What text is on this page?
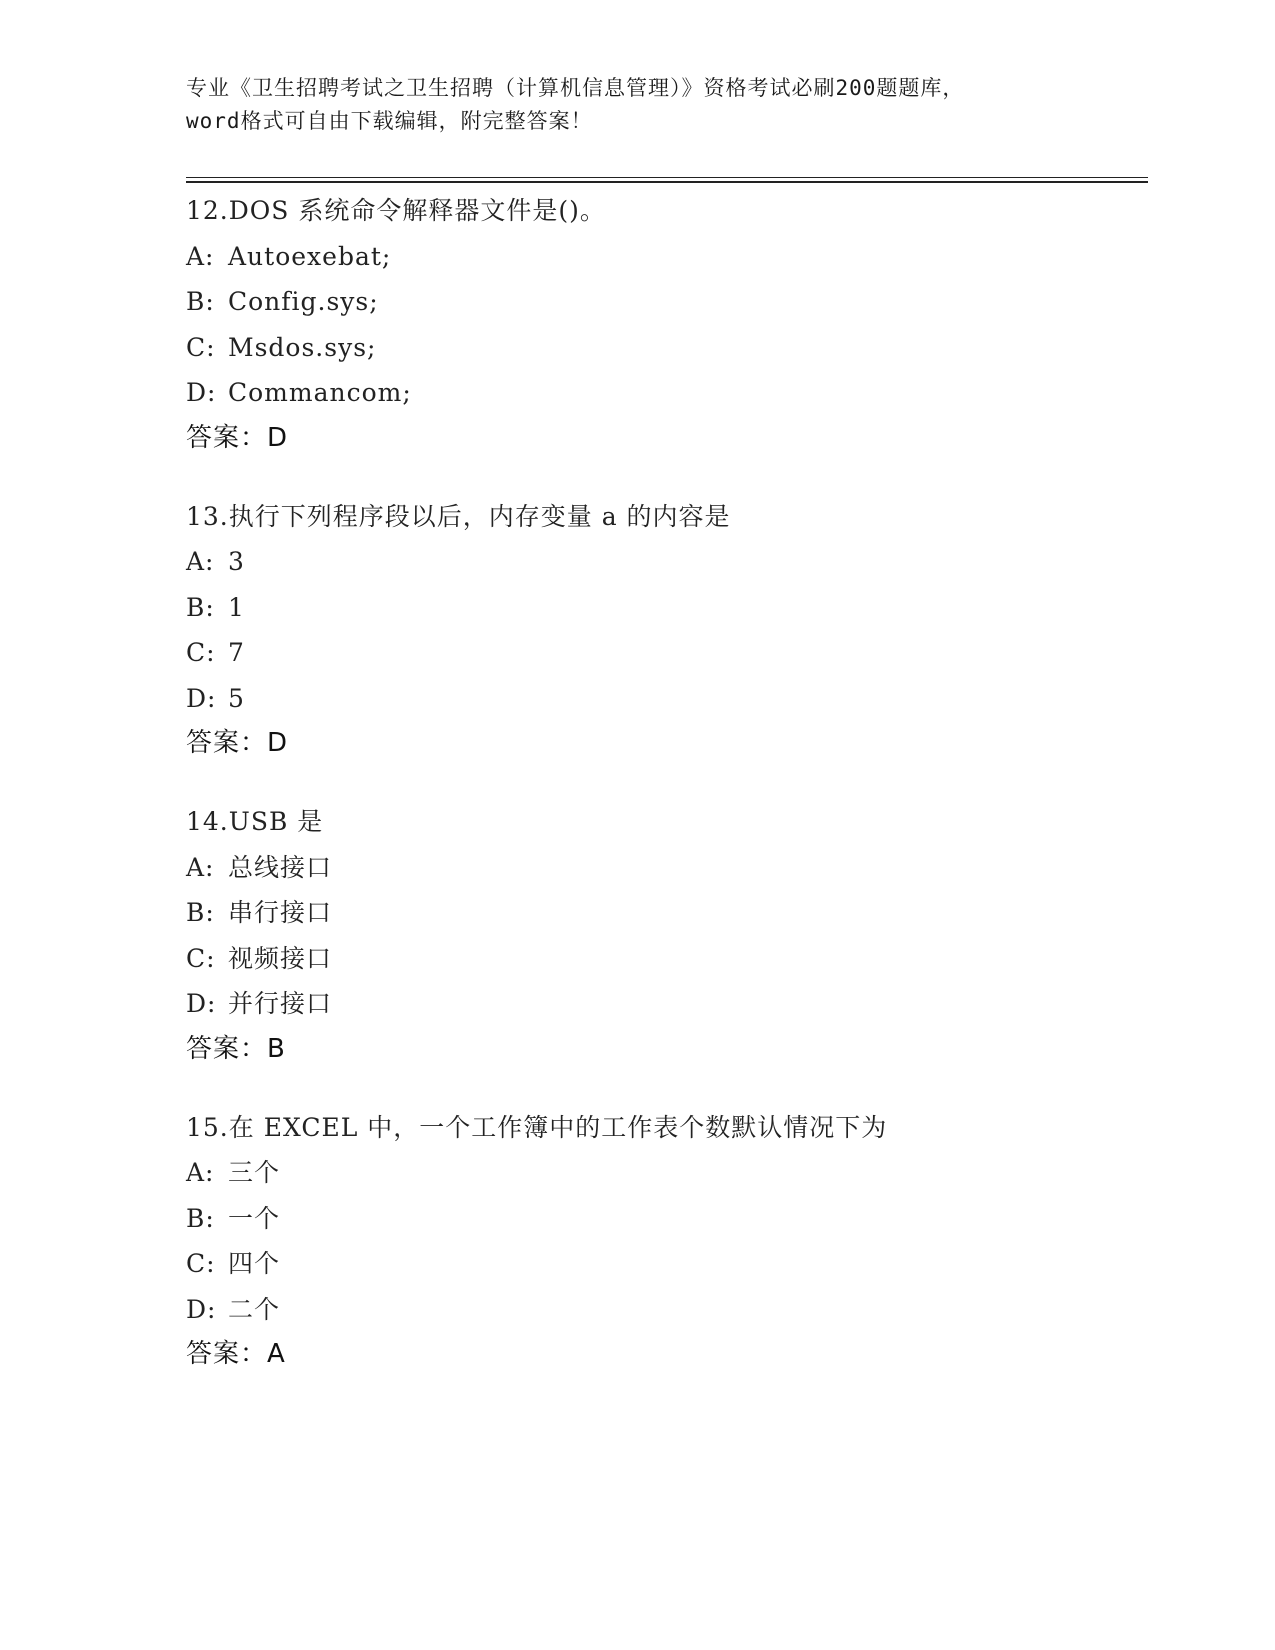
专业《卫生招聘考试之卫生招聘（计算机信息管理）》资格考试必刷200题题库，
word格式可自由下载编辑，附完整答案！
12.DOS 系统命令解释器文件是()。
A: Autoexebat;
B: Config.sys;
C: Msdos.sys;
D: Commancom;
答案：D
13.执行下列程序段以后，内存变量 a 的内容是
A: 3
B: 1
C: 7
D: 5
答案：D
14.USB 是
A: 总线接口
B: 串行接口
C: 视频接口
D: 并行接口
答案：B
15.在 EXCEL 中，一个工作簿中的工作表个数默认情况下为
A: 三个
B: 一个
C: 四个
D: 二个
答案：A
